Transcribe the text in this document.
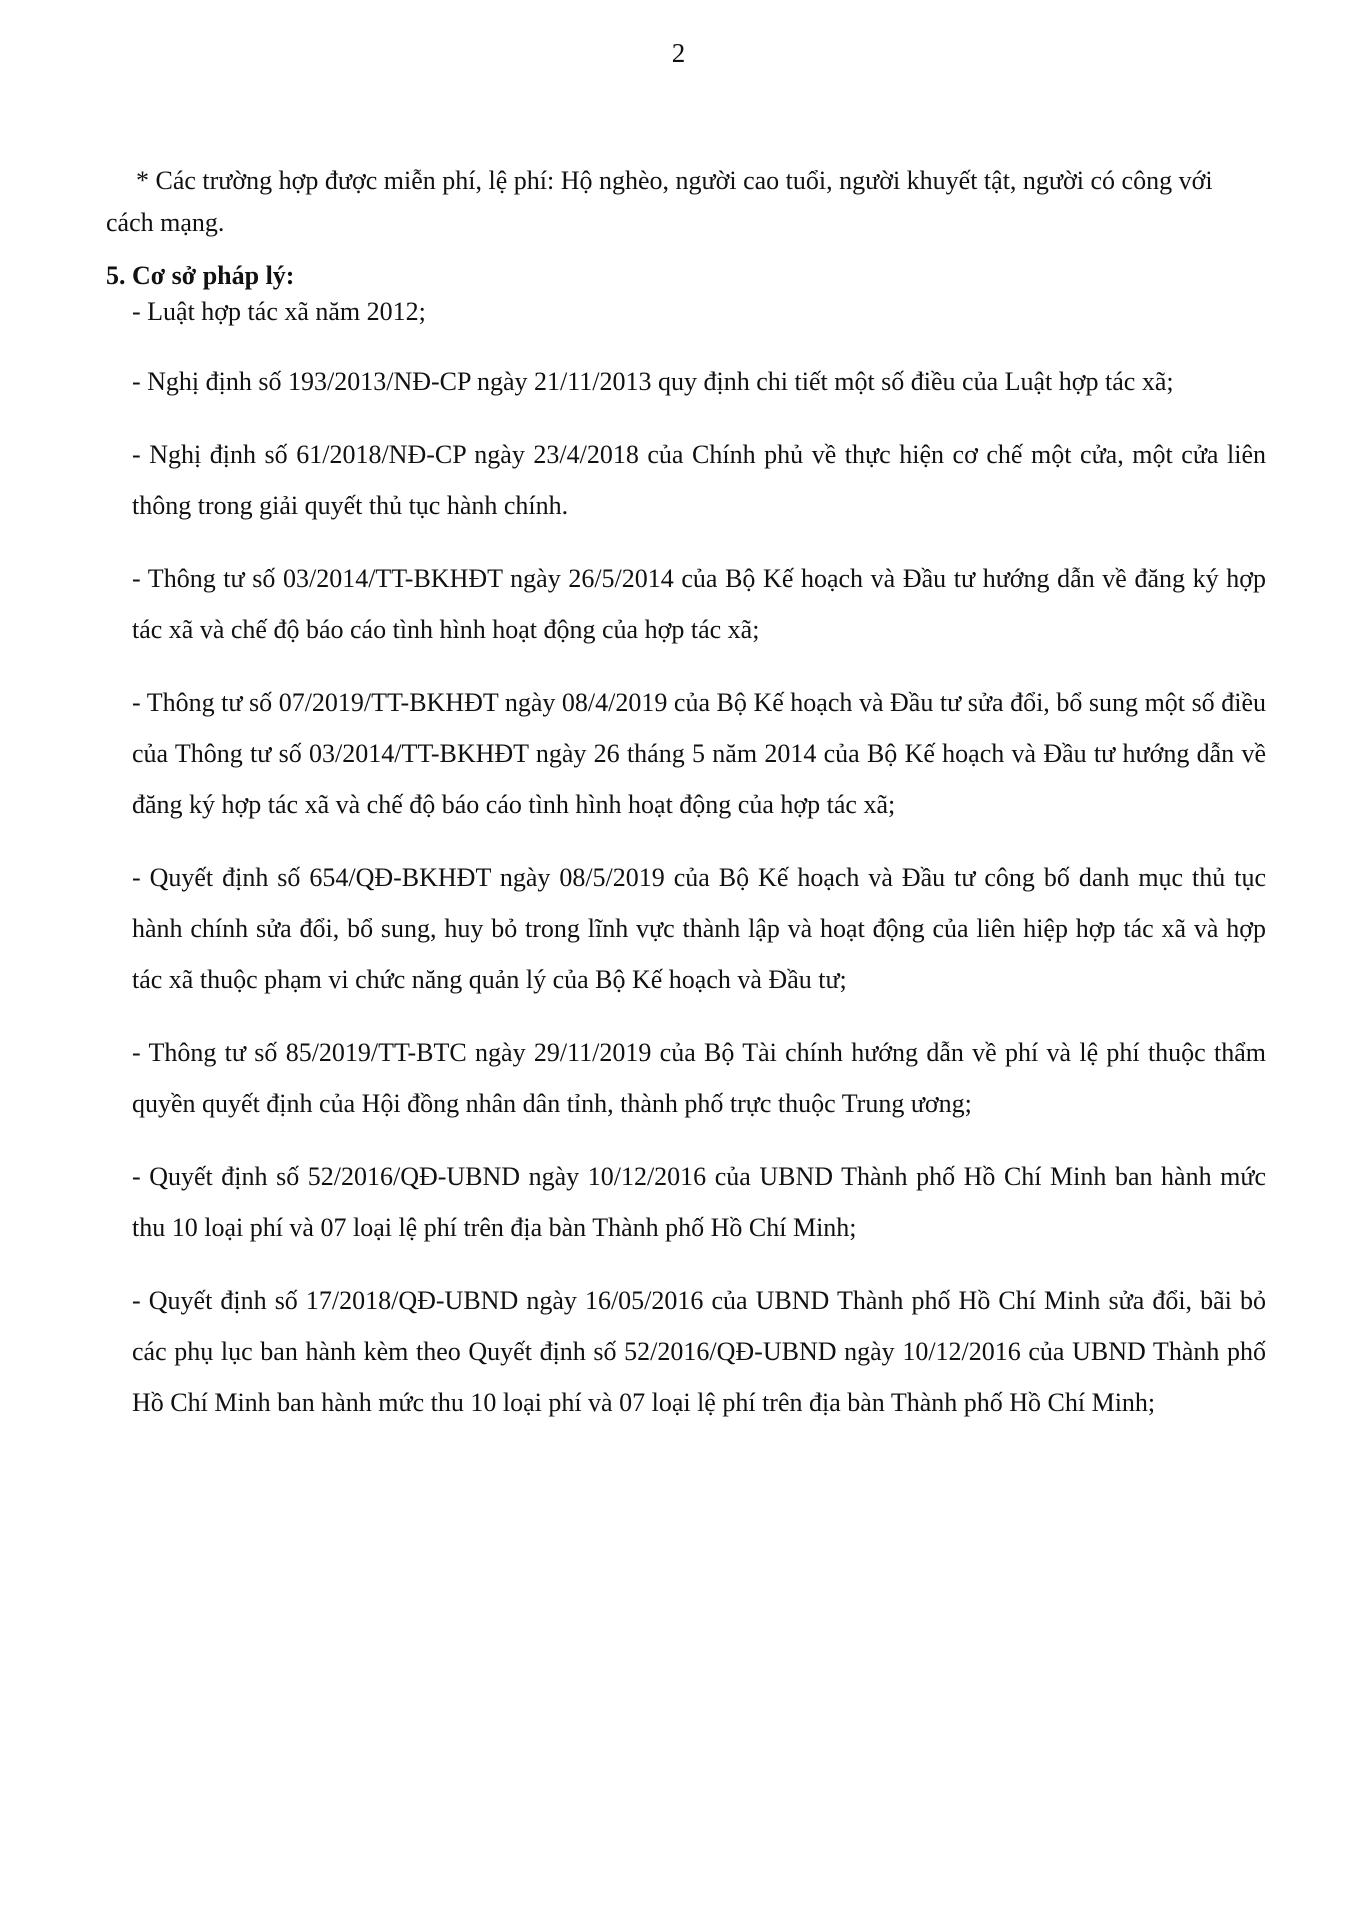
2

* Các trường hợp được miễn phí, lệ phí: Hộ nghèo, người cao tuổi, người khuyết tật, người có công với cách mạng.

5. Cơ sở pháp lý:
- Luật hợp tác xã năm 2012;
- Nghị định số 193/2013/NĐ-CP ngày 21/11/2013 quy định chi tiết một số điều của Luật hợp tác xã;
- Nghị định số 61/2018/NĐ-CP ngày 23/4/2018 của Chính phủ về thực hiện cơ chế một cửa, một cửa liên thông trong giải quyết thủ tục hành chính.
- Thông tư số 03/2014/TT-BKHĐT ngày 26/5/2014 của Bộ Kế hoạch và Đầu tư hướng dẫn về đăng ký hợp tác xã và chế độ báo cáo tình hình hoạt động của hợp tác xã;
- Thông tư số 07/2019/TT-BKHĐT ngày 08/4/2019 của Bộ Kế hoạch và Đầu tư sửa đổi, bổ sung một số điều của Thông tư số 03/2014/TT-BKHĐT ngày 26 tháng 5 năm 2014 của Bộ Kế hoạch và Đầu tư hướng dẫn về đăng ký hợp tác xã và chế độ báo cáo tình hình hoạt động của hợp tác xã;
- Quyết định số 654/QĐ-BKHĐT ngày 08/5/2019 của Bộ Kế hoạch và Đầu tư công bố danh mục thủ tục hành chính sửa đổi, bổ sung, huy bỏ trong lĩnh vực thành lập và hoạt động của liên hiệp hợp tác xã và hợp tác xã thuộc phạm vi chức năng quản lý của Bộ Kế hoạch và Đầu tư;
- Thông tư số 85/2019/TT-BTC ngày 29/11/2019 của Bộ Tài chính hướng dẫn về phí và lệ phí thuộc thẩm quyền quyết định của Hội đồng nhân dân tỉnh, thành phố trực thuộc Trung ương;
- Quyết định số 52/2016/QĐ-UBND ngày 10/12/2016 của UBND Thành phố Hồ Chí Minh ban hành mức thu 10 loại phí và 07 loại lệ phí trên địa bàn Thành phố Hồ Chí Minh;
- Quyết định số 17/2018/QĐ-UBND ngày 16/05/2016 của UBND Thành phố Hồ Chí Minh sửa đổi, bãi bỏ các phụ lục ban hành kèm theo Quyết định số 52/2016/QĐ-UBND ngày 10/12/2016 của UBND Thành phố Hồ Chí Minh ban hành mức thu 10 loại phí và 07 loại lệ phí trên địa bàn Thành phố Hồ Chí Minh;
